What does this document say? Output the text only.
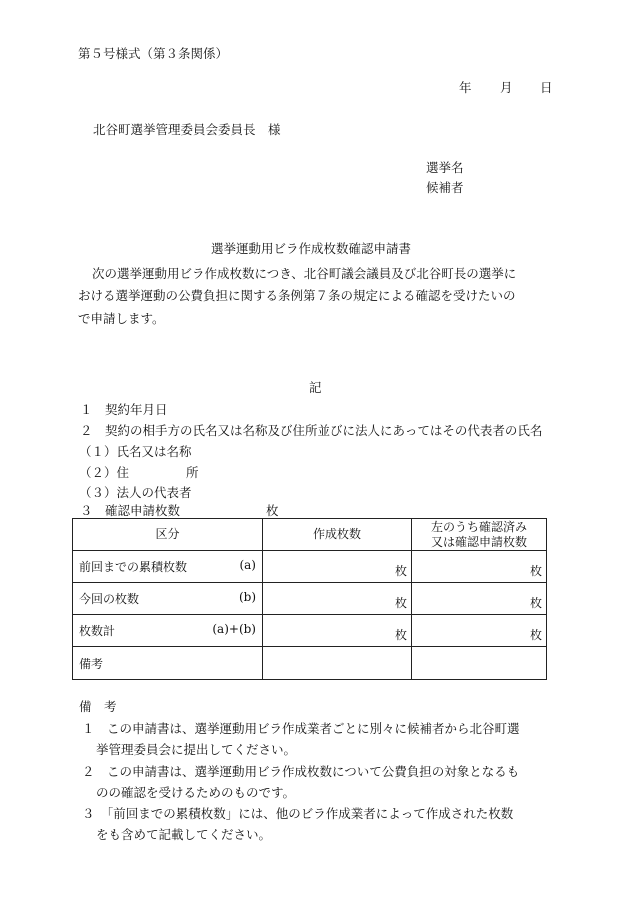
第５号様式（第３条関係）
年 月 日
北谷町選挙管理委員会委員長　様
選挙名
候補者
選挙運動用ビラ作成枚数確認申請書
次の選挙運動用ビラ作成枚数につき、北谷町議会議員及び北谷町長の選挙に
おける選挙運動の公費負担に関する条例第７条の規定による確認を受けたいの
で申請します。
記
１　契約年月日
２　契約の相手方の氏名又は名称及び住所並びに法人にあってはその代表者の氏名
（１）氏名又は名称
（２）住	所
（３）法人の代表者
３　確認申請枚数	枚
区分	作成枚数	左のうち確認済み
又は確認申請枚数

前回までの累積枚数 (a)	枚	枚

今回の枚数 (b)	枚	枚

枚数計 (a)+(b)	枚	枚

備考		
備　考
１　この申請書は、選挙運動用ビラ作成業者ごとに別々に候補者から北谷町選
挙管理委員会に提出してください。
２　この申請書は、選挙運動用ビラ作成枚数について公費負担の対象となるも
のの確認を受けるためのものです。
３　「前回までの累積枚数」には、他のビラ作成業者によって作成された枚数
をも含めて記載してください。
